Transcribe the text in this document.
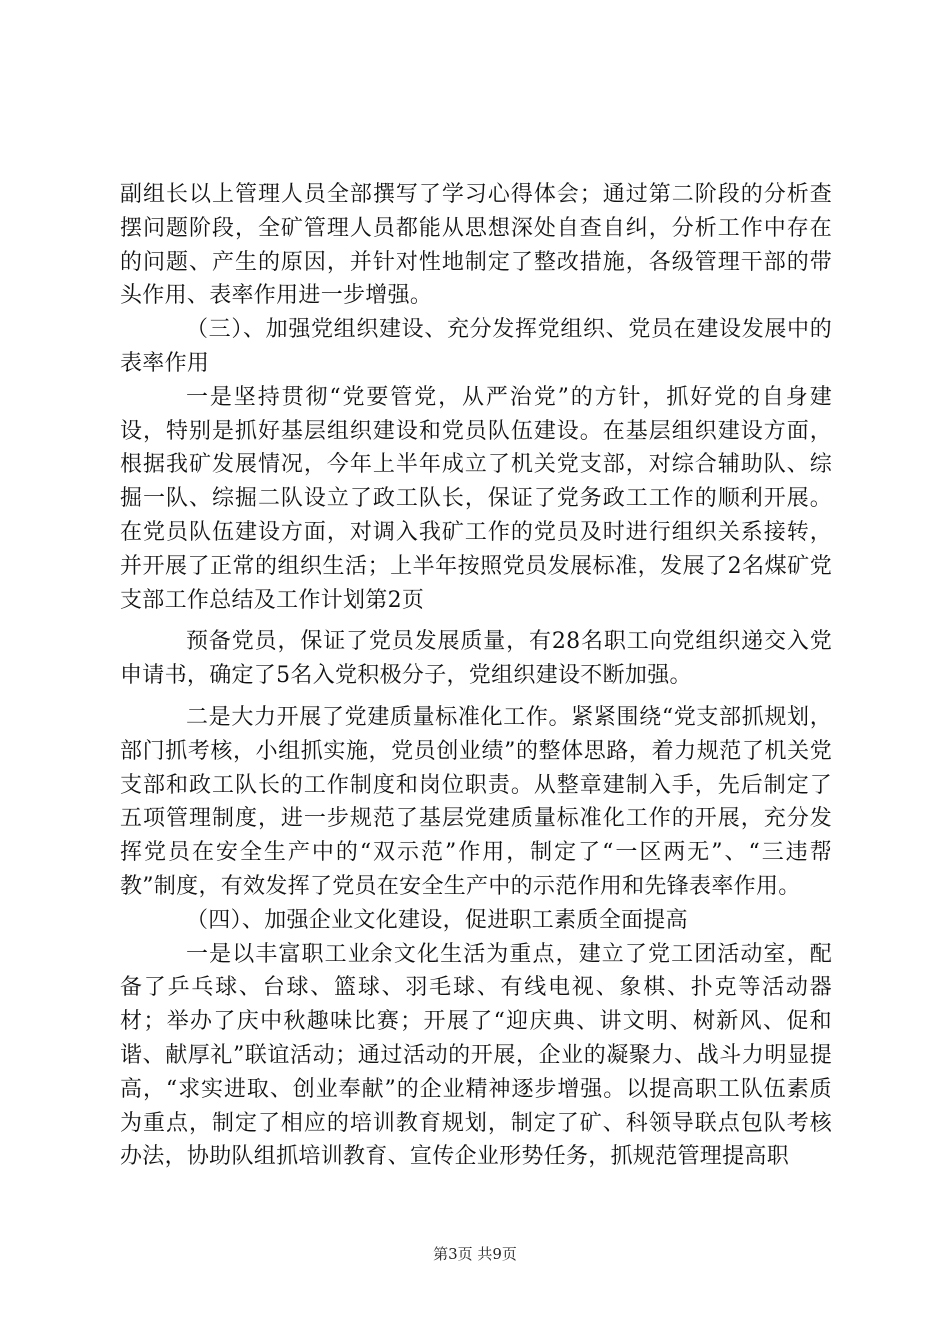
副组长以上管理人员全部撰写了学习心得体会；通过第二阶段的分析查摆问题阶段，全矿管理人员都能从思想深处自查自纠，分析工作中存在的问题、产生的原因，并针对性地制定了整改措施，各级管理干部的带头作用、表率作用进一步增强。

（三）、加强党组织建设、充分发挥党组织、党员在建设发展中的表率作用

一是坚持贯彻“党要管党，从严治党”的方针，抓好党的自身建设，特别是抓好基层组织建设和党员队伍建设。在基层组织建设方面，根据我矿发展情况，今年上半年成立了机关党支部，对综合辅助队、综掘一队、综掘二队设立了政工队长，保证了党务政工工作的顺利开展。在党员队伍建设方面，对调入我矿工作的党员及时进行组织关系接转，并开展了正常的组织生活；上半年按照党员发展标准，发展了2名煤矿党支部工作总结及工作计划第2页

预备党员，保证了党员发展质量，有28名职工向党组织递交入党申请书，确定了5名入党积极分子，党组织建设不断加强。

二是大力开展了党建质量标准化工作。紧紧围绕“党支部抓规划，部门抓考核，小组抓实施，党员创业绩”的整体思路，着力规范了机关党支部和政工队长的工作制度和岗位职责。从整章建制入手，先后制定了五项管理制度，进一步规范了基层党建质量标准化工作的开展，充分发挥党员在安全生产中的“双示范”作用，制定了“一区两无”、“三违帮教”制度，有效发挥了党员在安全生产中的示范作用和先锋表率作用。

（四）、加强企业文化建设，促进职工素质全面提高

一是以丰富职工业余文化生活为重点，建立了党工团活动室，配备了乒乓球、台球、篮球、羽毛球、有线电视、象棋、扑克等活动器材；举办了庆中秋趣味比赛；开展了“迎庆典、讲文明、树新风、促和谐、献厚礼”联谊活动；通过活动的开展，企业的凝聚力、战斗力明显提高，“求实进取、创业奉献”的企业精神逐步增强。以提高职工队伍素质为重点，制定了相应的培训教育规划，制定了矿、科领导联点包队考核办法，协助队组抓培训教育、宣传企业形势任务，抓规范管理提高职

第3页 共9页
